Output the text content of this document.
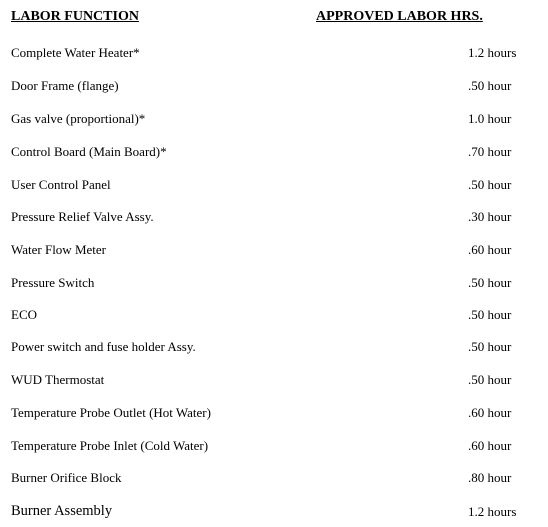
LABOR FUNCTION	APPROVED LABOR HRS.
Complete Water Heater*	1.2 hours
Door Frame (flange)	.50 hour
Gas valve (proportional)*	1.0 hour
Control Board (Main Board)*	.70 hour
User Control Panel	.50 hour
Pressure Relief Valve Assy.	.30 hour
Water Flow Meter	.60 hour
Pressure Switch	.50 hour
ECO	.50 hour
Power switch and fuse holder Assy.	.50 hour
WUD Thermostat	.50 hour
Temperature Probe Outlet (Hot Water)	.60 hour
Temperature Probe Inlet (Cold Water)	.60 hour
Burner Orifice Block	.80 hour
Burner Assembly	1.2 hours
